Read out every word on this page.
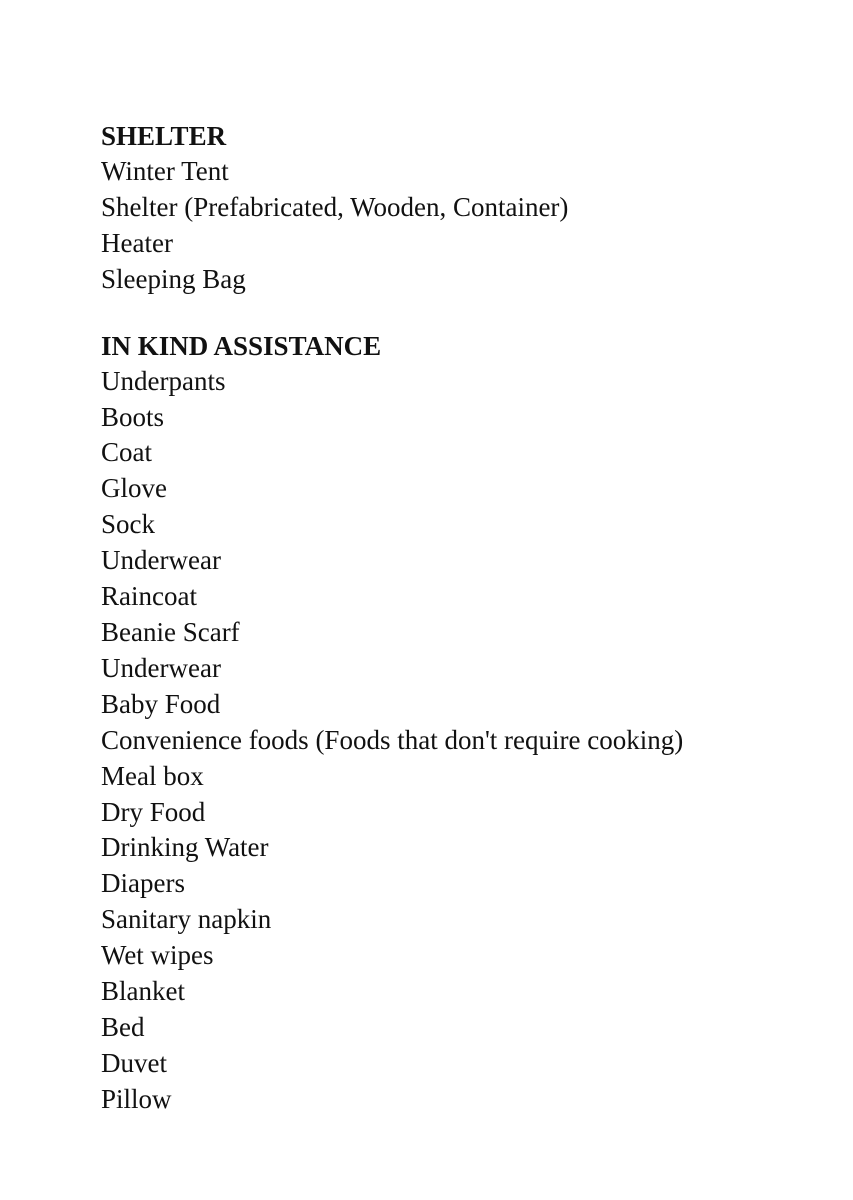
SHELTER
Winter Tent
Shelter (Prefabricated, Wooden, Container)
Heater
Sleeping Bag
IN KIND ASSISTANCE
Underpants
Boots
Coat
Glove
Sock
Underwear
Raincoat
Beanie Scarf
Underwear
Baby Food
Convenience foods (Foods that don't require cooking)
Meal box
Dry Food
Drinking Water
Diapers
Sanitary napkin
Wet wipes
Blanket
Bed
Duvet
Pillow
